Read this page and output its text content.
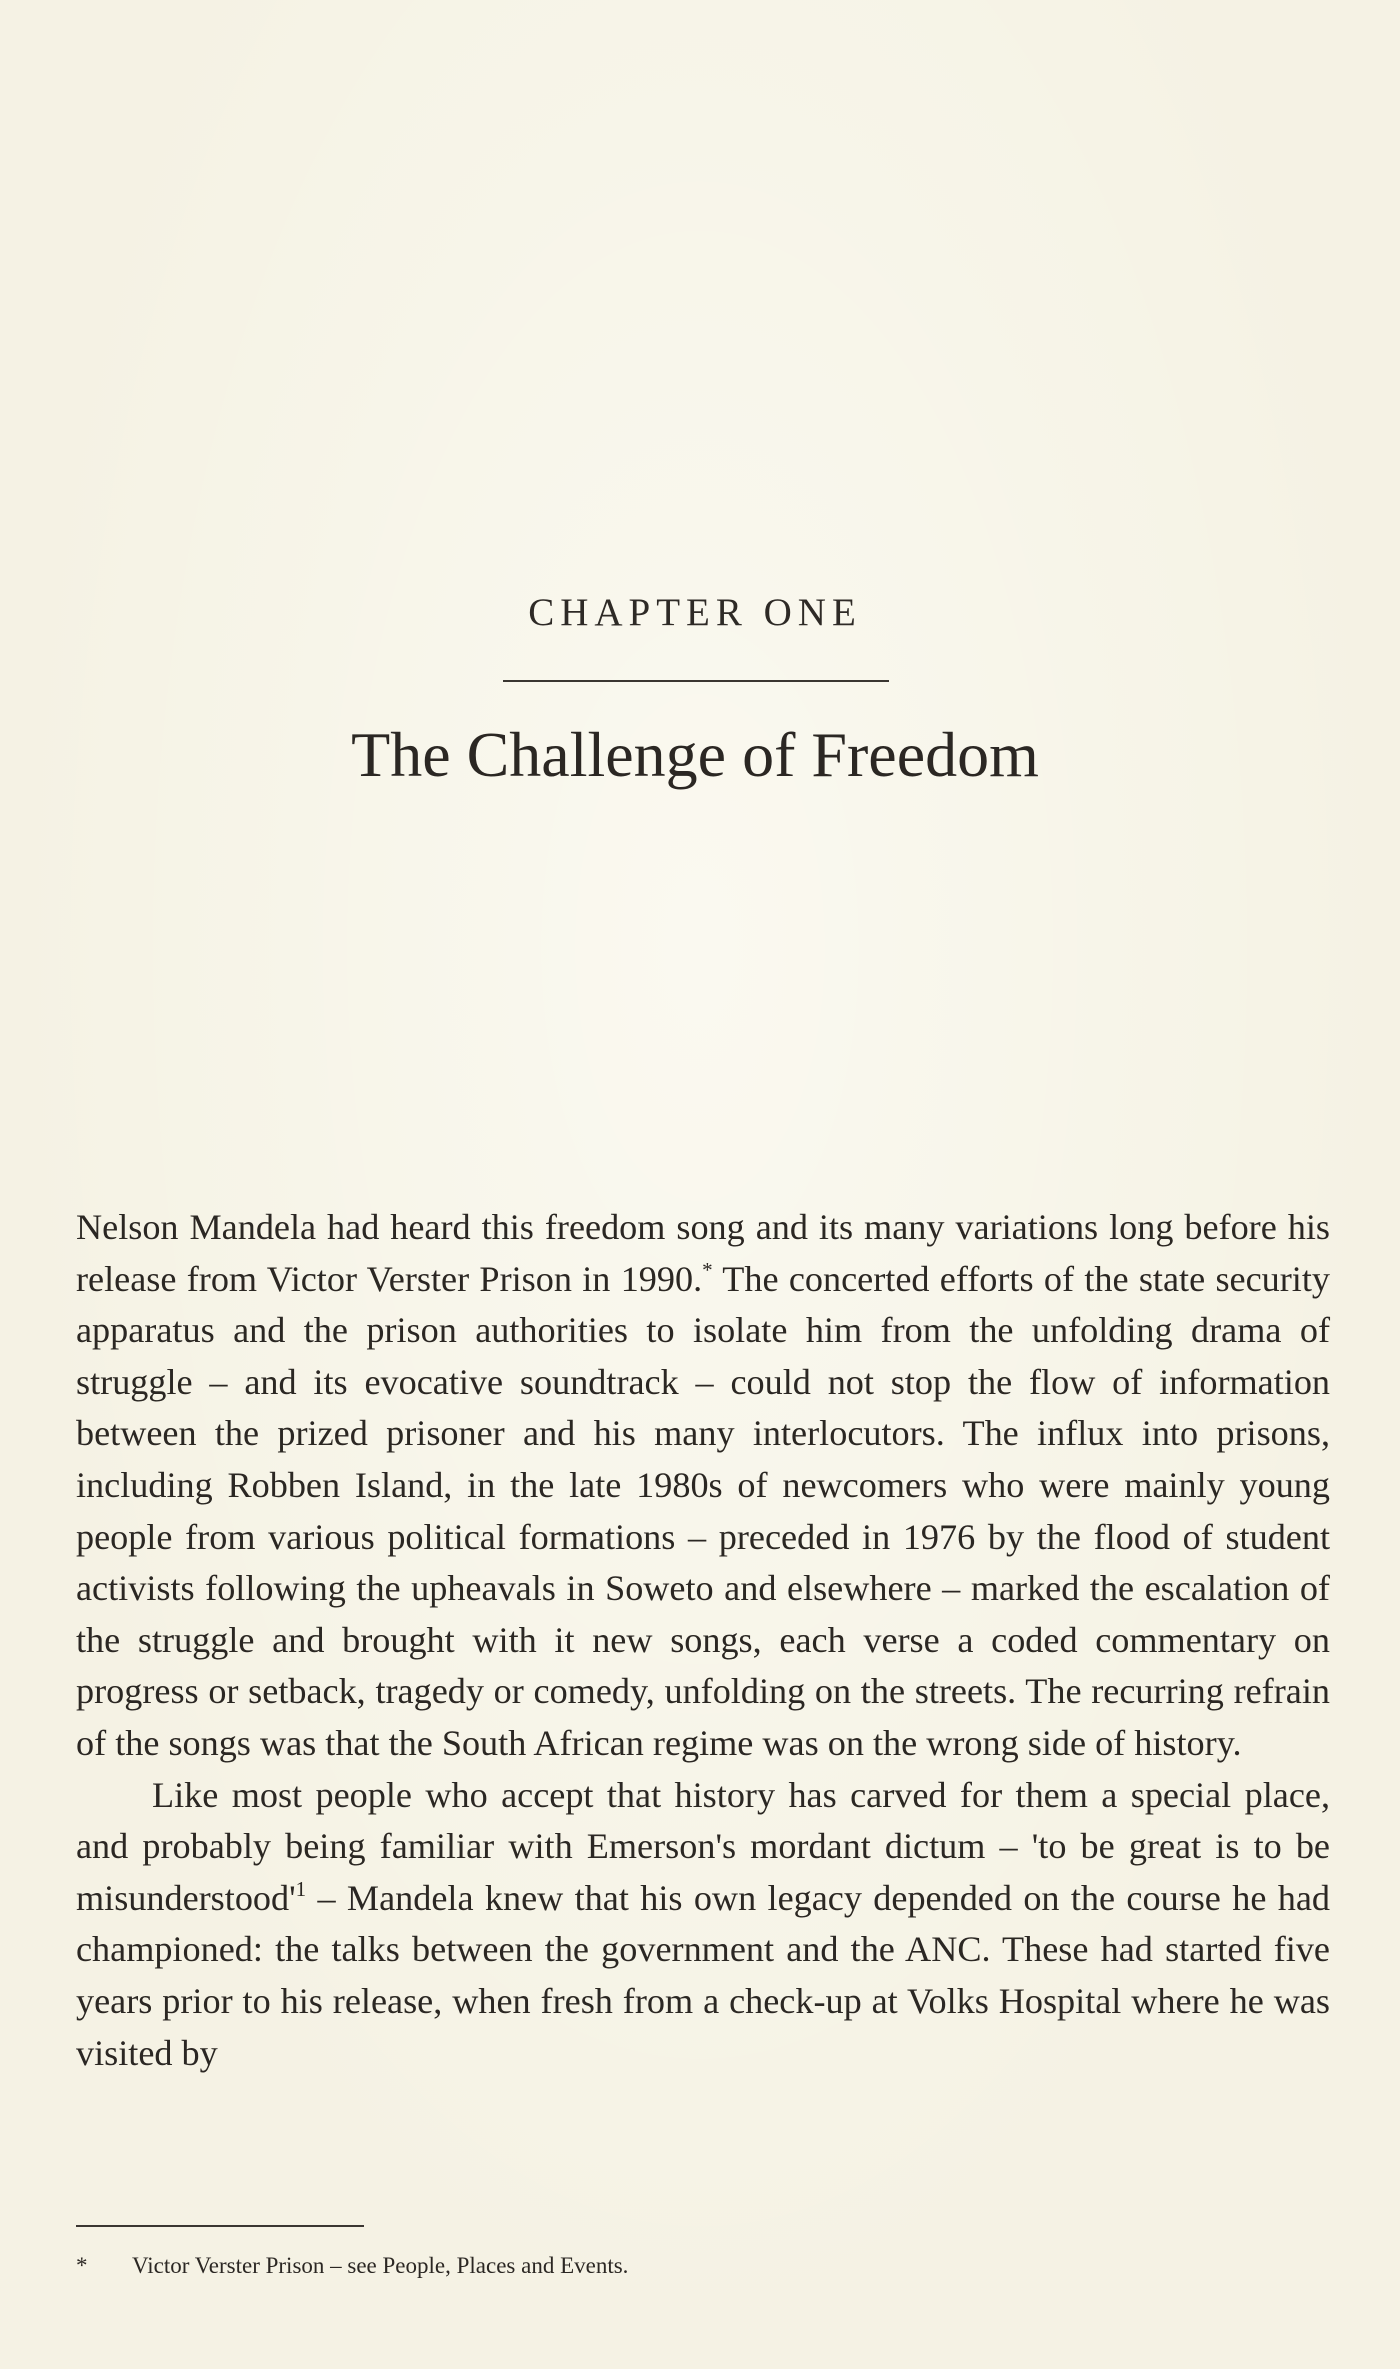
CHAPTER ONE
The Challenge of Freedom

Nelson Mandela had heard this freedom song and its many variations long before his release from Victor Verster Prison in 1990.* The concerted efforts of the state security apparatus and the prison authorities to isolate him from the unfolding drama of struggle – and its evocative soundtrack – could not stop the flow of information between the prized prisoner and his many interlocutors. The influx into prisons, including Robben Island, in the late 1980s of newcomers who were mainly young people from various political formations – preceded in 1976 by the flood of student activists following the upheavals in Soweto and elsewhere – marked the escalation of the struggle and brought with it new songs, each verse a coded commentary on progress or setback, tragedy or comedy, unfolding on the streets. The recurring refrain of the songs was that the South African regime was on the wrong side of history.

Like most people who accept that history has carved for them a special place, and probably being familiar with Emerson's mordant dictum – 'to be great is to be $misunderstood'^1$ – Mandela knew that his own legacy depended on the course he had championed: the talks between the government and the ANC. These had started five years prior to his release, when fresh from a check-up at Volks Hospital where he was visited by

* Victor Verster Prison – see People, Places and Events.
